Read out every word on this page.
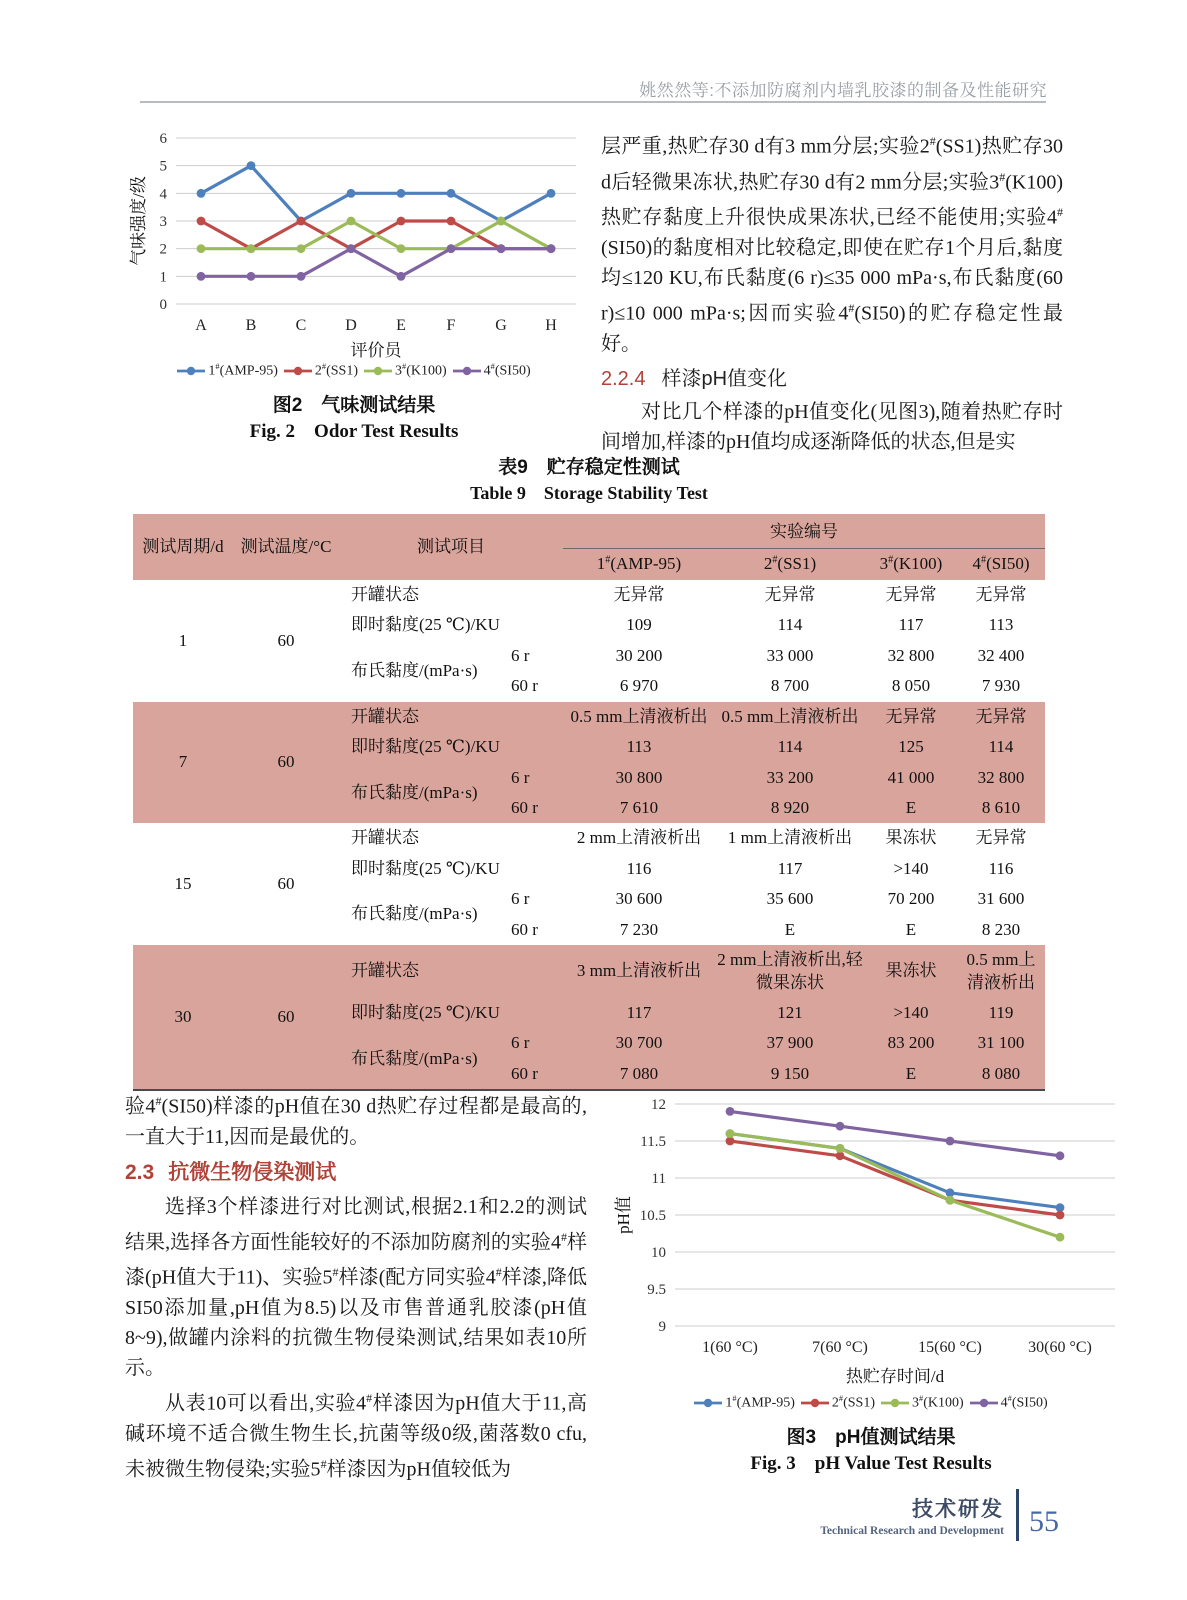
姚然然等:不添加防腐剂内墙乳胶漆的制备及性能研究
0
1
2
3
4
5
6
A B C D E	F G H
评价员
气味强度/级
1#(AMP-95)	2#(SS1)	3#(K100)	4#(SI50)
图2　气味测试结果
Fig. 2  Odor Test Results

层严重,热贮存30 d有3 mm分层;实验2#(SS1)热贮存30 d后轻微果冻状,热贮存30 d有2 mm分层;实验3#(K100)热贮存黏度上升很快成果冻状,已经不能使用;实验4#(SI50)的黏度相对比较稳定,即使在贮存1个月后,黏度均≤120 KU,布氏黏度(6 r)≤35 000 mPa·s,布氏黏度(60 r)≤10 000 mPa·s;因而实验4#(SI50)的贮存稳定性最好。

2.2.4 样漆pH值变化

对比几个样漆的pH值变化(见图3),随着热贮存时间增加,样漆的pH值均成逐渐降低的状态,但是实

表9　贮存稳定性测试
Table 9  Storage Stability Test
测试周期/d	测试温度/°C	测试项目		实验编号			
				1#(AMP-95)	2#(SS1)	3#(K100)	4#(SI50)
1	60	开罐状态		无异常	无异常	无异常	无异常
		即时黏度(25 ℃)/KU		109	114	117	113
		布氏黏度/(mPa·s)	6 r	30 200	33 000	32 800	32 400
			60 r	6 970	8 700	8 050	7 930
7	60	开罐状态		0.5 mm上清液析出	0.5 mm上清液析出	无异常	无异常
		即时黏度(25 ℃)/KU		113	114	125	114
		布氏黏度/(mPa·s)	6 r	30 800	33 200	41 000	32 800
			60 r	7 610	8 920	E	8 610
15	60	开罐状态		2 mm上清液析出	1 mm上清液析出	果冻状	无异常
		即时黏度(25 ℃)/KU		116	117	>140	116
		布氏黏度/(mPa·s)	6 r	30 600	35 600	70 200	31 600
			60 r	7 230	E	E	8 230
30	60	开罐状态		3 mm上清液析出	2 mm上清液析出,轻微果冻状	果冻状	0.5 mm上清液析出
		即时黏度(25 ℃)/KU		117	121	>140	119
		布氏黏度/(mPa·s)	6 r	30 700	37 900	83 200	31 100
			60 r	7 080	9 150	E	8 080

验4#(SI50)样漆的pH值在30 d热贮存过程都是最高的,一直大于11,因而是最优的。

2.3 抗微生物侵染测试

选择3个样漆进行对比测试,根据2.1和2.2的测试结果,选择各方面性能较好的不添加防腐剂的实验4#样漆(pH值大于11)、实验5#样漆(配方同实验4#样漆,降低SI50添加量,pH值为8.5)以及市售普通乳胶漆(pH值8~9),做罐内涂料的抗微生物侵染测试,结果如表10所示。

从表10可以看出,实验4#样漆因为pH值大于11,高碱环境不适合微生物生长,抗菌等级0级,菌落数0 cfu,未被微生物侵染;实验5#样漆因为pH值较低为

9
9.5
10
10.5
11
11.5
12
1(60 °C)	7(60 °C)	15(60 °C)	30(60 °C)
热贮存时间/d
pH值
1#(AMP-95)	2#(SS1)	3#(K100)	4#(SI50)
图3　pH值测试结果
Fig. 3  pH Value Test Results
技术研发
Technical Research and Development 55
